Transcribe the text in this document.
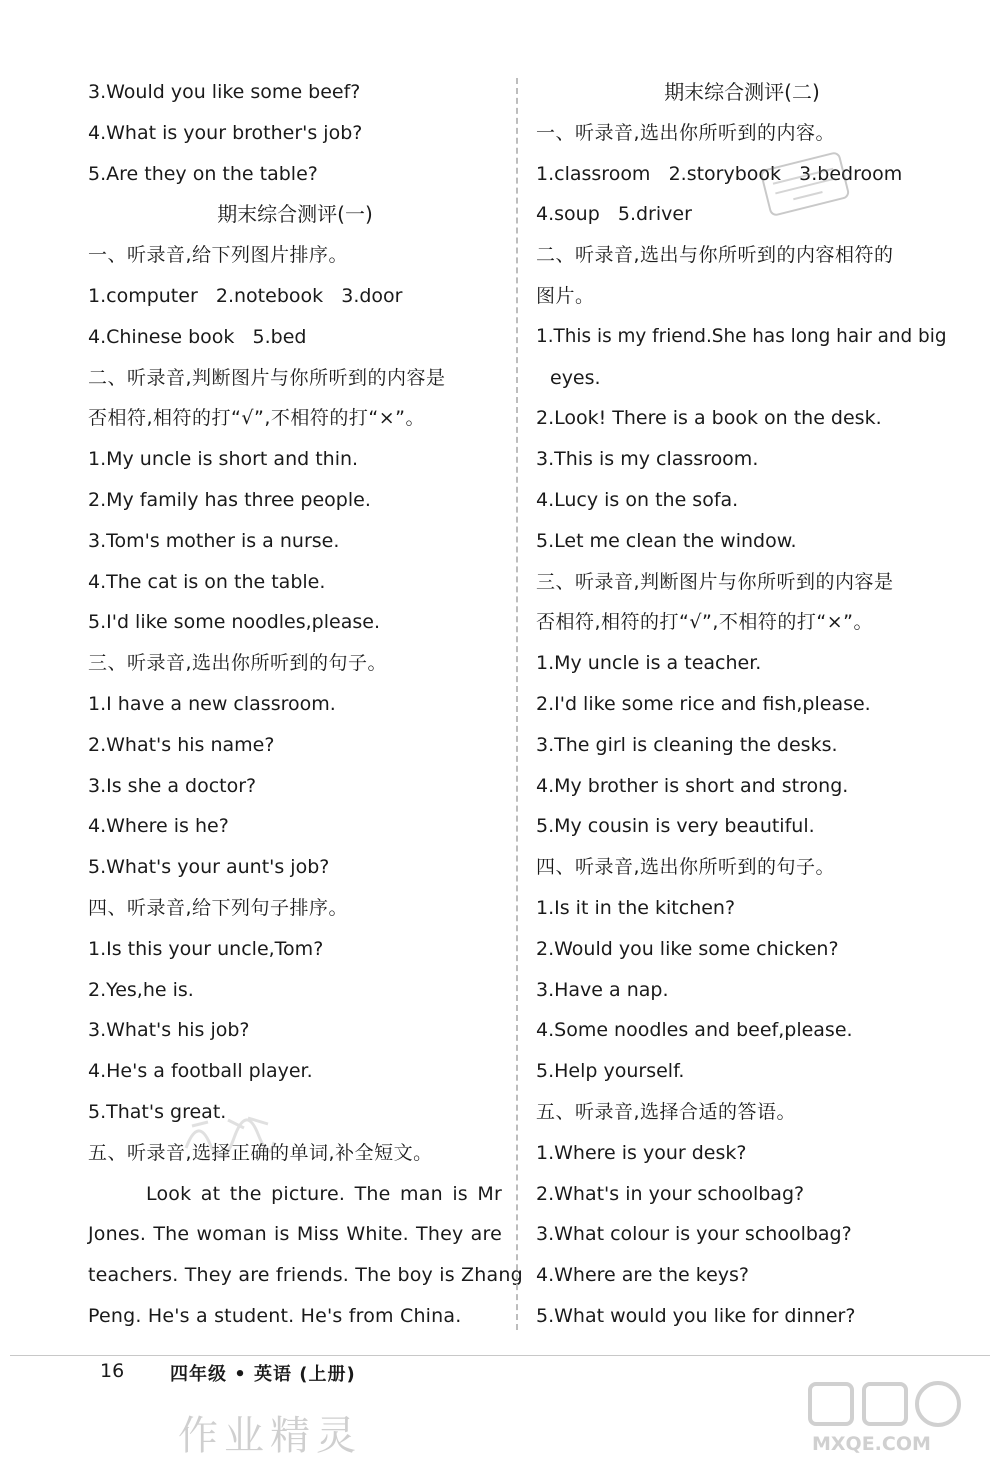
3.Would you like some beef?
4.What is your brother's job?
5.Are they on the table?
期末综合测评(一)
一、听录音,给下列图片排序。
1.computer   2.notebook   3.door
4.Chinese book   5.bed
二、听录音,判断图片与你所听到的内容是
否相符,相符的打“√”,不相符的打“×”。
1.My uncle is short and thin.
2.My family has three people.
3.Tom's mother is a nurse.
4.The cat is on the table.
5.I'd like some noodles,please.
三、听录音,选出你所听到的句子。
1.I have a new classroom.
2.What's his name?
3.Is she a doctor?
4.Where is he?
5.What's your aunt's job?
四、听录音,给下列句子排序。
1.Is this your uncle,Tom?
2.Yes,he is.
3.What's his job?
4.He's a football player.
5.That's great.
五、听录音,选择正确的单词,补全短文。
Look at the picture. The man is Mr
Jones. The woman is Miss White. They are
teachers. They are friends. The boy is Zhang
Peng. He's a student. He's from China.
期末综合测评(二)
一、听录音,选出你所听到的内容。
1.classroom   2.storybook   3.bedroom
4.soup   5.driver
二、听录音,选出与你所听到的内容相符的
图片。
1.This is my friend.She has long hair and big
eyes.
2.Look! There is a book on the desk.
3.This is my classroom.
4.Lucy is on the sofa.
5.Let me clean the window.
三、听录音,判断图片与你所听到的内容是
否相符,相符的打“√”,不相符的打“×”。
1.My uncle is a teacher.
2.I'd like some rice and fish,please.
3.The girl is cleaning the desks.
4.My brother is short and strong.
5.My cousin is very beautiful.
四、听录音,选出你所听到的句子。
1.Is it in the kitchen?
2.Would you like some chicken?
3.Have a nap.
4.Some noodles and beef,please.
5.Help yourself.
五、听录音,选择合适的答语。
1.Where is your desk?
2.What's in your schoolbag?
3.What colour is your schoolbag?
4.Where are the keys?
5.What would you like for dinner?
16	四年级 • 英语 (上册)
作业精灵	MXQE.COM
